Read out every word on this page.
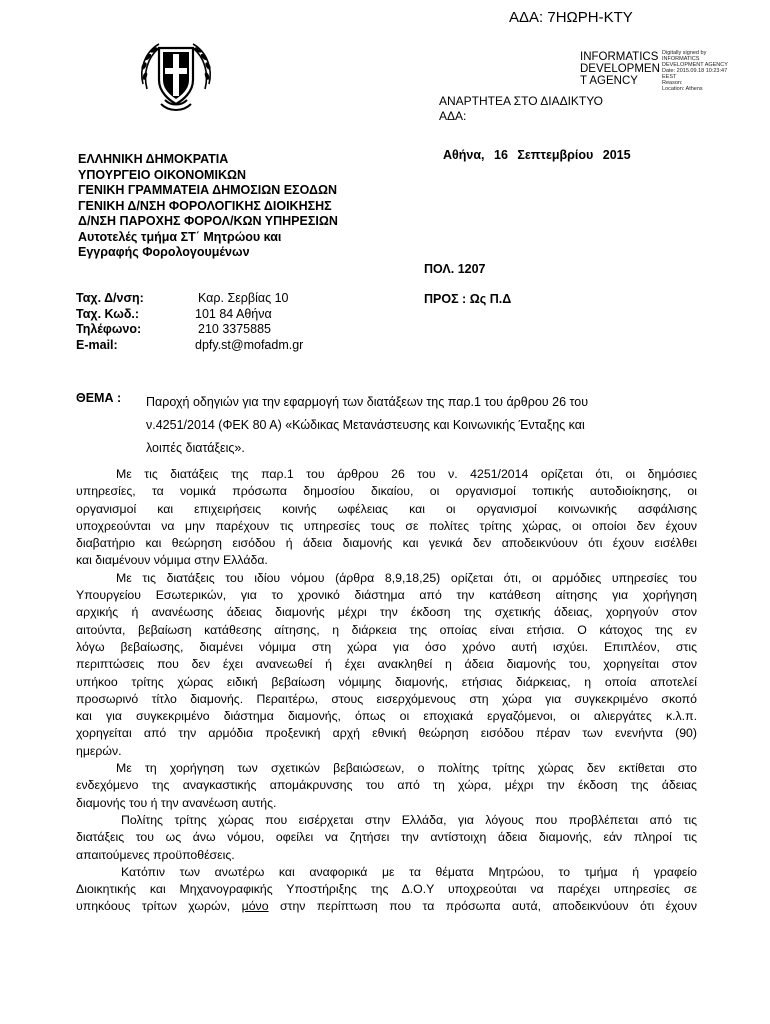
ΑΔΑ: 7ΗΩΡΗ-ΚΤΥ
INFORMATICS
DEVELOPMEN
T AGENCY
Digitally signed by
INFORMATICS
DEVELOPMENT AGENCY
Date: 2015.09.18 10:23:47
EEST
Reason:
Location: Athens
ΑΝΑΡΤΗΤΕΑ ΣΤΟ ΔΙΑΔΙΚΤΥΟ
ΑΔΑ:
Αθήνα, 16 Σεπτεμβρίου 2015
ΕΛΛΗΝΙΚΗ ΔΗΜΟΚΡΑΤΙΑ
ΥΠΟΥΡΓΕΙΟ ΟΙΚΟΝΟΜΙΚΩΝ
ΓΕΝΙΚΗ ΓΡΑΜΜΑΤΕΙΑ ΔΗΜΟΣΙΩΝ ΕΣΟΔΩΝ
ΓΕΝΙΚΗ Δ/ΝΣΗ ΦΟΡΟΛΟΓΙΚΗΣ ΔΙΟΙΚΗΣΗΣ
Δ/ΝΣΗ ΠΑΡΟΧΗΣ ΦΟΡΟΛ/ΚΩΝ ΥΠΗΡΕΣΙΩΝ
Αυτοτελές τμήμα ΣΤ΄ Μητρώου και
Εγγραφής Φορολογουμένων
ΠΟΛ. 1207
ΠΡΟΣ : Ως Π.Δ
Ταχ. Δ/νση:	Καρ. Σερβίας 10
Ταχ. Κωδ.:	101 84 Αθήνα
Τηλέφωνο:	210 3375885
E-mail:	dpfy.st@mofadm.gr
ΘΕΜΑ : Παροχή οδηγιών για την εφαρμογή των διατάξεων της παρ.1 του άρθρου 26 του
ν.4251/2014 (ΦΕΚ 80 Α) «Κώδικας Μετανάστευσης και Κοινωνικής Ένταξης και
λοιπές διατάξεις».
Με τις διατάξεις της παρ.1 του άρθρου 26 του ν. 4251/2014 ορίζεται ότι, οι δημόσιες
υπηρεσίες, τα νομικά πρόσωπα δημοσίου δικαίου, οι οργανισμοί τοπικής αυτοδιοίκησης, οι
οργανισμοί και επιχειρήσεις κοινής ωφέλειας και οι οργανισμοί κοινωνικής ασφάλισης
υποχρεούνται να μην παρέχουν τις υπηρεσίες τους σε πολίτες τρίτης χώρας, οι οποίοι δεν έχουν
διαβατήριο και θεώρηση εισόδου ή άδεια διαμονής και γενικά δεν αποδεικνύουν ότι έχουν εισέλθει
και διαμένουν νόμιμα στην Ελλάδα.
Με τις διατάξεις του ιδίου νόμου (άρθρα 8,9,18,25) ορίζεται ότι, οι αρμόδιες υπηρεσίες του
Υπουργείου Εσωτερικών, για το χρονικό διάστημα από την κατάθεση αίτησης για χορήγηση
αρχικής ή ανανέωσης άδειας διαμονής μέχρι την έκδοση της σχετικής άδειας, χορηγούν στον
αιτούντα, βεβαίωση κατάθεσης αίτησης, η διάρκεια της οποίας είναι ετήσια. Ο κάτοχος της εν
λόγω βεβαίωσης, διαμένει νόμιμα στη χώρα για όσο χρόνο αυτή ισχύει. Επιπλέον, στις
περιπτώσεις που δεν έχει ανανεωθεί ή έχει ανακληθεί η άδεια διαμονής του, χορηγείται στον
υπήκοο τρίτης χώρας ειδική βεβαίωση νόμιμης διαμονής, ετήσιας διάρκειας, η οποία αποτελεί
προσωρινό τίτλο διαμονής. Περαιτέρω, στους εισερχόμενους στη χώρα για συγκεκριμένο σκοπό
και για συγκεκριμένο διάστημα διαμονής, όπως οι εποχιακά εργαζόμενοι, οι αλιεργάτες κ.λ.π.
χορηγείται από την αρμόδια προξενική αρχή εθνική θεώρηση εισόδου πέραν των ενενήντα (90)
ημερών.
Με τη χορήγηση των σχετικών βεβαιώσεων, ο πολίτης τρίτης χώρας δεν εκτίθεται στο
ενδεχόμενο της αναγκαστικής απομάκρυνσης του από τη χώρα, μέχρι την έκδοση της άδειας
διαμονής του ή την ανανέωση αυτής.
Πολίτης τρίτης χώρας που εισέρχεται στην Ελλάδα, για λόγους που προβλέπεται από τις
διατάξεις του ως άνω νόμου, οφείλει να ζητήσει την αντίστοιχη άδεια διαμονής, εάν πληροί τις
απαιτούμενες προϋποθέσεις.
Κατόπιν των ανωτέρω και αναφορικά με τα θέματα Μητρώου, το τμήμα ή γραφείο
Διοικητικής και Μηχανογραφικής Υποστήριξης της Δ.Ο.Υ υποχρεούται να παρέχει υπηρεσίες σε
υπηκόους τρίτων χωρών, μόνο στην περίπτωση που τα πρόσωπα αυτά, αποδεικνύουν ότι έχουν
